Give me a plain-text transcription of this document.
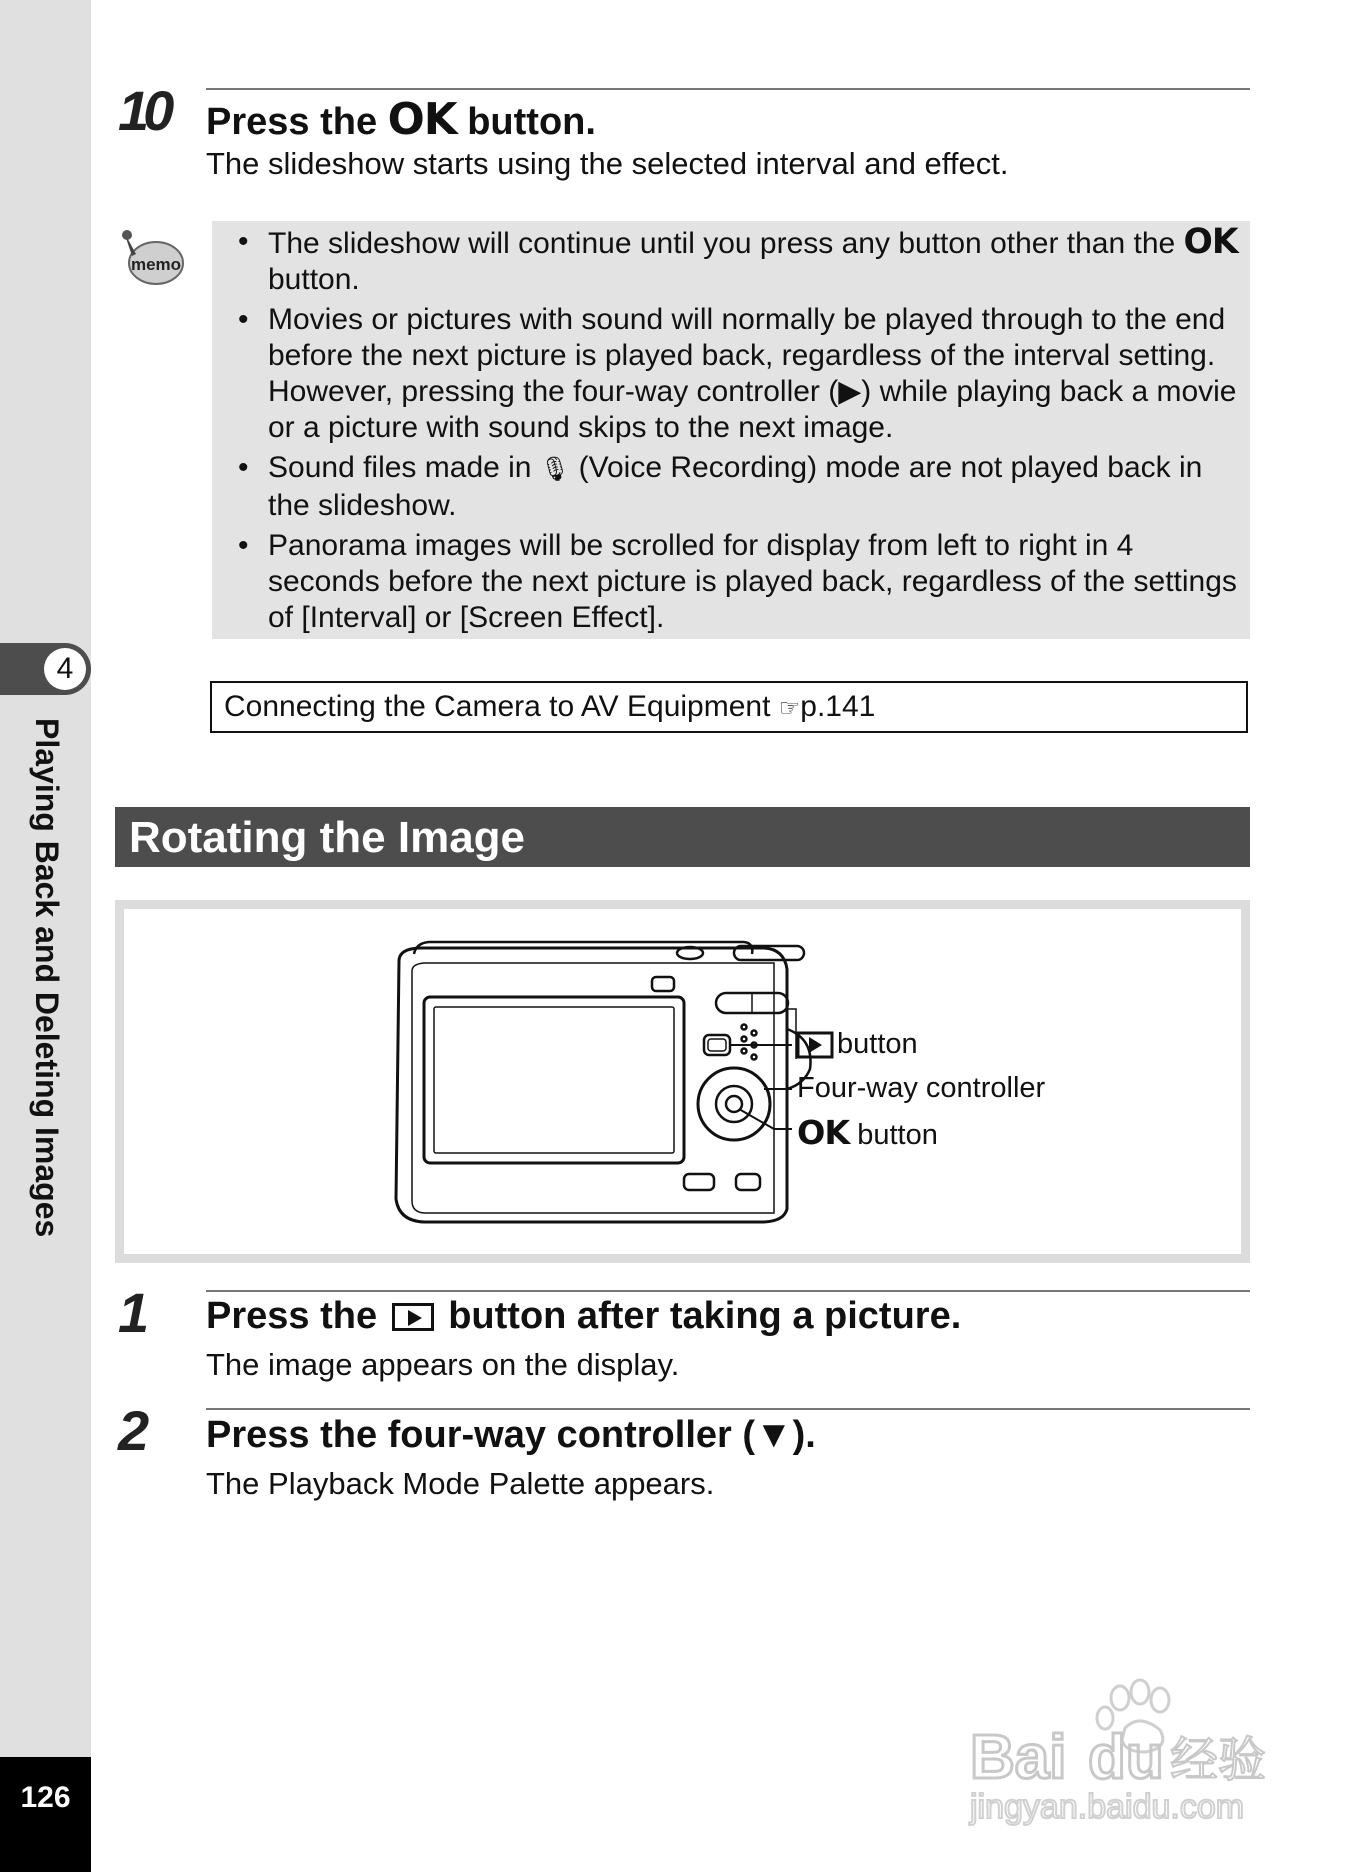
4
Playing Back and Deleting Images
126
10 Press the OK button.
The slideshow starts using the selected interval and effect.
memo
• The slideshow will continue until you press any button other than the OK button.
• Movies or pictures with sound will normally be played through to the end before the next picture is played back, regardless of the interval setting. However, pressing the four-way controller (▶) while playing back a movie or a picture with sound skips to the next image.
• Sound files made in 🎙 (Voice Recording) mode are not played back in the slideshow.
• Panorama images will be scrolled for display from left to right in 4 seconds before the next picture is played back, regardless of the settings of [Interval] or [Screen Effect].
Connecting the Camera to AV Equipment ☞p.141
Rotating the Image
button
Four-way controller
OK button
1 Press the button after taking a picture.
The image appears on the display.
2 Press the four-way controller (▼).
The Playback Mode Palette appears.
Bai du 经验
jingyan.baidu.com
